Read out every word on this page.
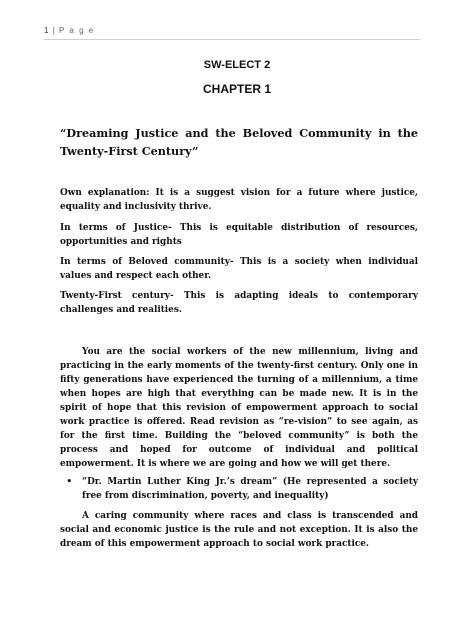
1 | P a g e
SW-ELECT 2
CHAPTER 1
“Dreaming Justice and the Beloved Community in the Twenty-First Century”

Own explanation: It is a suggest vision for a future where justice, equality and inclusivity thrive.

In terms of Justice- This is equitable distribution of resources, opportunities and rights

In terms of Beloved community- This is a society when individual values and respect each other.

Twenty-First century- This is adapting ideals to contemporary challenges and realities.

You are the social workers of the new millennium, living and practicing in the early moments of the twenty-first century. Only one in fifty generations have experienced the turning of a millennium, a time when hopes are high that everything can be made new. It is in the spirit of hope that this revision of empowerment approach to social work practice is offered. Read revision as “re-vision” to see again, as for the first time. Building the “beloved community” is both the process and hoped for outcome of individual and political empowerment. It is where we are going and how we will get there.

• “Dr. Martin Luther King Jr.’s dream” (He represented a society free from discrimination, poverty, and inequality)

A caring community where races and class is transcended and social and economic justice is the rule and not exception. It is also the dream of this empowerment approach to social work practice.
